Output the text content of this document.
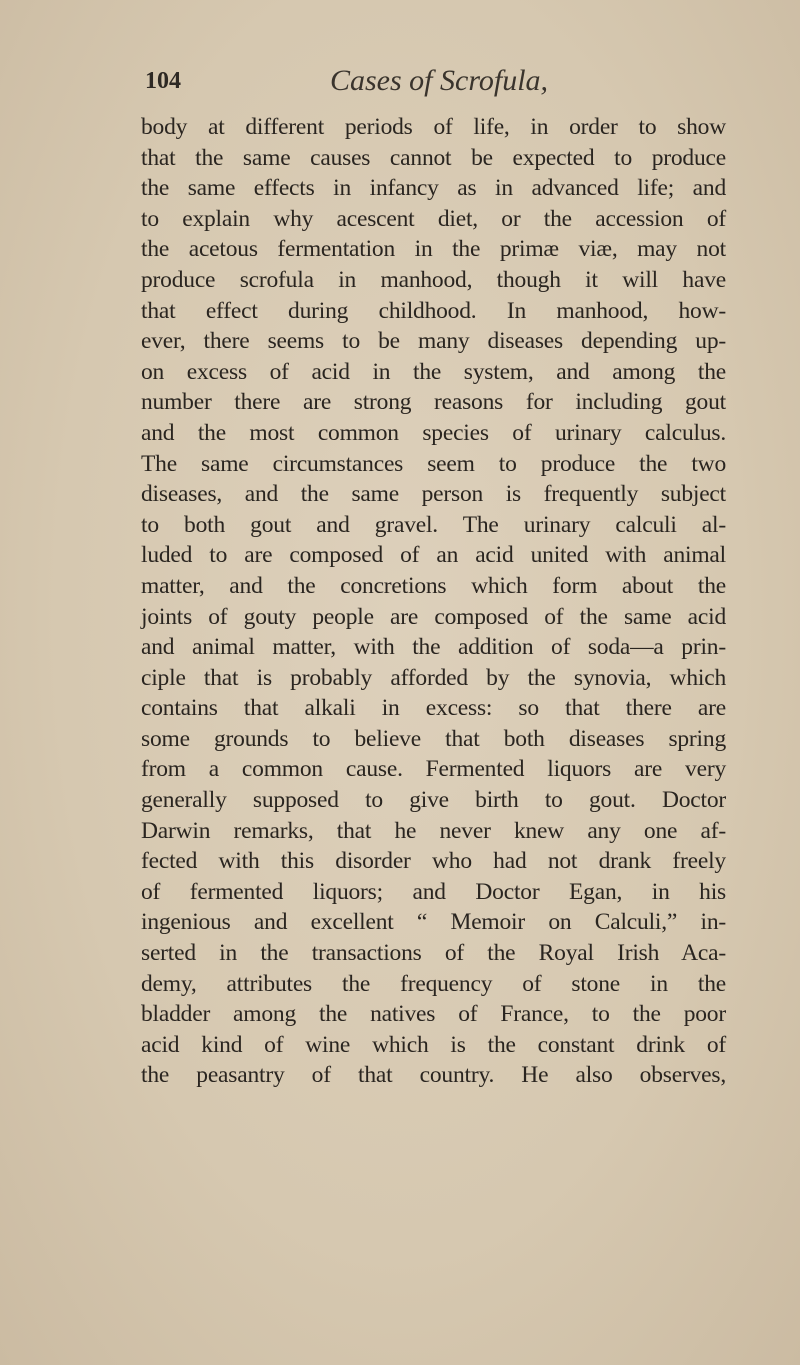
104	Cases of Scrofula,
body at different periods of life, in order to show
that the same causes cannot be expected to produce
the same effects in infancy as in advanced life; and
to explain why acescent diet, or the accession of
the acetous fermentation in the primæ viæ, may not
produce scrofula in manhood, though it will have
that effect during childhood. In manhood, how-
ever, there seems to be many diseases depending up-
on excess of acid in the system, and among the
number there are strong reasons for including gout
and the most common species of urinary calculus.
The same circumstances seem to produce the two
diseases, and the same person is frequently subject
to both gout and gravel. The urinary calculi al-
luded to are composed of an acid united with animal
matter, and the concretions which form about the
joints of gouty people are composed of the same acid
and animal matter, with the addition of soda—a prin-
ciple that is probably afforded by the synovia, which
contains that alkali in excess: so that there are
some grounds to believe that both diseases spring
from a common cause. Fermented liquors are very
generally supposed to give birth to gout. Doctor
Darwin remarks, that he never knew any one af-
fected with this disorder who had not drank freely
of fermented liquors; and Doctor Egan, in his
ingenious and excellent “ Memoir on Calculi,” in-
serted in the transactions of the Royal Irish Aca-
demy, attributes the frequency of stone in the
bladder among the natives of France, to the poor
acid kind of wine which is the constant drink of
the peasantry of that country. He also observes,
